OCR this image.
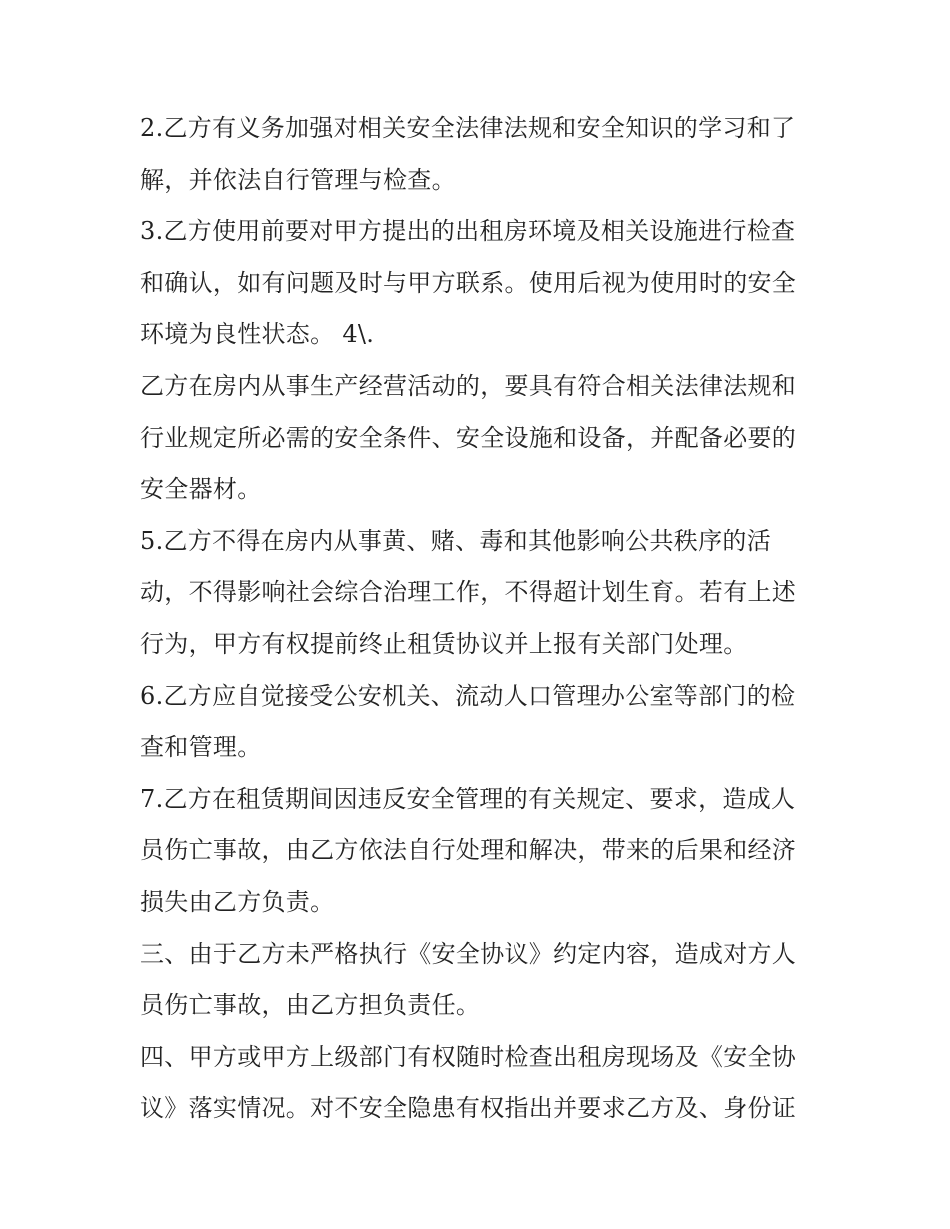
2.乙方有义务加强对相关安全法律法规和安全知识的学习和了
解，并依法自行管理与检查。

3.乙方使用前要对甲方提出的出租房环境及相关设施进行检查
和确认，如有问题及时与甲方联系。使用后视为使用时的安全
环境为良性状态。 4\.

乙方在房内从事生产经营活动的，要具有符合相关法律法规和
行业规定所必需的安全条件、安全设施和设备，并配备必要的
安全器材。

5.乙方不得在房内从事黄、赌、毒和其他影响公共秩序的活
动，不得影响社会综合治理工作，不得超计划生育。若有上述
行为，甲方有权提前终止租赁协议并上报有关部门处理。

6.乙方应自觉接受公安机关、流动人口管理办公室等部门的检
查和管理。

7.乙方在租赁期间因违反安全管理的有关规定、要求，造成人
员伤亡事故，由乙方依法自行处理和解决，带来的后果和经济
损失由乙方负责。

三、由于乙方未严格执行《安全协议》约定内容，造成对方人
员伤亡事故，由乙方担负责任。

四、甲方或甲方上级部门有权随时检查出租房现场及《安全协
议》落实情况。对不安全隐患有权指出并要求乙方及、身份证
